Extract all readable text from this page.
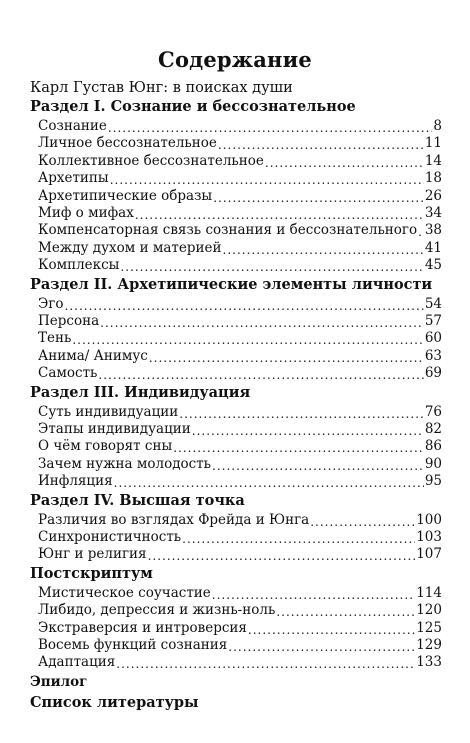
Содержание
Карл Густав Юнг: в поисках души
Раздел I. Сознание и бессознательное
Сознание .....	8
Личное бессознательное .....	11
Коллективное бессознательное .....	14
Архетипы .....	18
Архетипические образы .....	26
Миф о мифах .....	34
Компенсаторная связь сознания и бессознательного ..... 38
Между духом и материей .....	41
Комплексы .....	45
Раздел II. Архетипические элементы личности
Эго .....	54
Персона .....	57
Тень .....	60
Анима/ Анимус .....	63
Самость .....	69
Раздел III. Индивидуация
Суть индивидуации .....	76
Этапы индивидуации .....	82
О чём говорят сны .....	86
Зачем нужна молодость .....	90
Инфляция .....	95
Раздел IV. Высшая точка
Различия во взглядах Фрейда и Юнга .....	100
Синхронистичность .....	103
Юнг и религия .....	107
Постскриптум
Мистическое соучастие .....	114
Либидо, депрессия и жизнь-ноль .....	120
Экстраверсия и интроверсия .....	125
Восемь функций сознания .....	129
Адаптация .....	133
Эпилог
Список литературы
